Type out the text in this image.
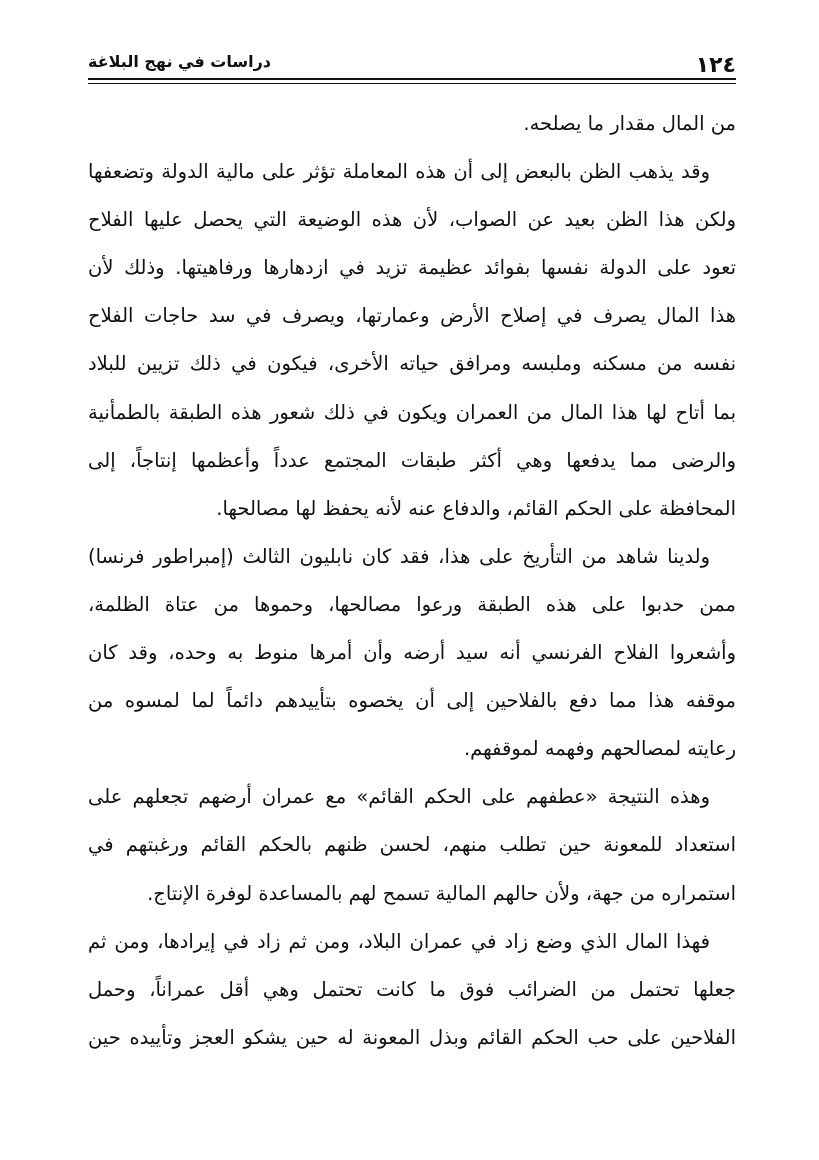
١٢٤
دراسات في نهج البلاغة
من المال مقدار ما يصلحه.
وقد يذهب الظن بالبعض إلى أن هذه المعاملة تؤثر على مالية الدولة وتضعفها
ولكن هذا الظن بعيد عن الصواب، لأن هذه الوضيعة التي يحصل عليها الفلاح
تعود على الدولة نفسها بفوائد عظيمة تزيد في ازدهارها ورفاهيتها. وذلك لأن
هذا المال يصرف في إصلاح الأرض وعمارتها، ويصرف في سد حاجات الفلاح
نفسه من مسكنه وملبسه ومرافق حياته الأخرى، فيكون في ذلك تزيين للبلاد
بما أتاح لها هذا المال من العمران ويكون في ذلك شعور هذه الطبقة بالطمأنية
والرضى مما يدفعها وهي أكثر طبقات المجتمع عدداً وأعظمها إنتاجاً، إلى
المحافظة على الحكم القائم، والدفاع عنه لأنه يحفظ لها مصالحها.
ولدينا شاهد من التأريخ على هذا، فقد كان نابليون الثالث (إمبراطور فرنسا)
ممن حدبوا على هذه الطبقة ورعوا مصالحها، وحموها من عتاة الظلمة،
وأشعروا الفلاح الفرنسي أنه سيد أرضه وأن أمرها منوط به وحده، وقد كان
موقفه هذا مما دفع بالفلاحين إلى أن يخصوه بتأييدهم دائماً لما لمسوه من
رعايته لمصالحهم وفهمه لموقفهم.
وهذه النتيجة «عطفهم على الحكم القائم» مع عمران أرضهم تجعلهم على
استعداد للمعونة حين تطلب منهم، لحسن ظنهم بالحكم القائم ورغبتهم في
استمراره من جهة، ولأن حالهم المالية تسمح لهم بالمساعدة لوفرة الإنتاج.
فهذا المال الذي وضع زاد في عمران البلاد، ومن ثم زاد في إيرادها، ومن ثم
جعلها تحتمل من الضرائب فوق ما كانت تحتمل وهي أقل عمراناً، وحمل
الفلاحين على حب الحكم القائم وبذل المعونة له حين يشكو العجز وتأييده حين
